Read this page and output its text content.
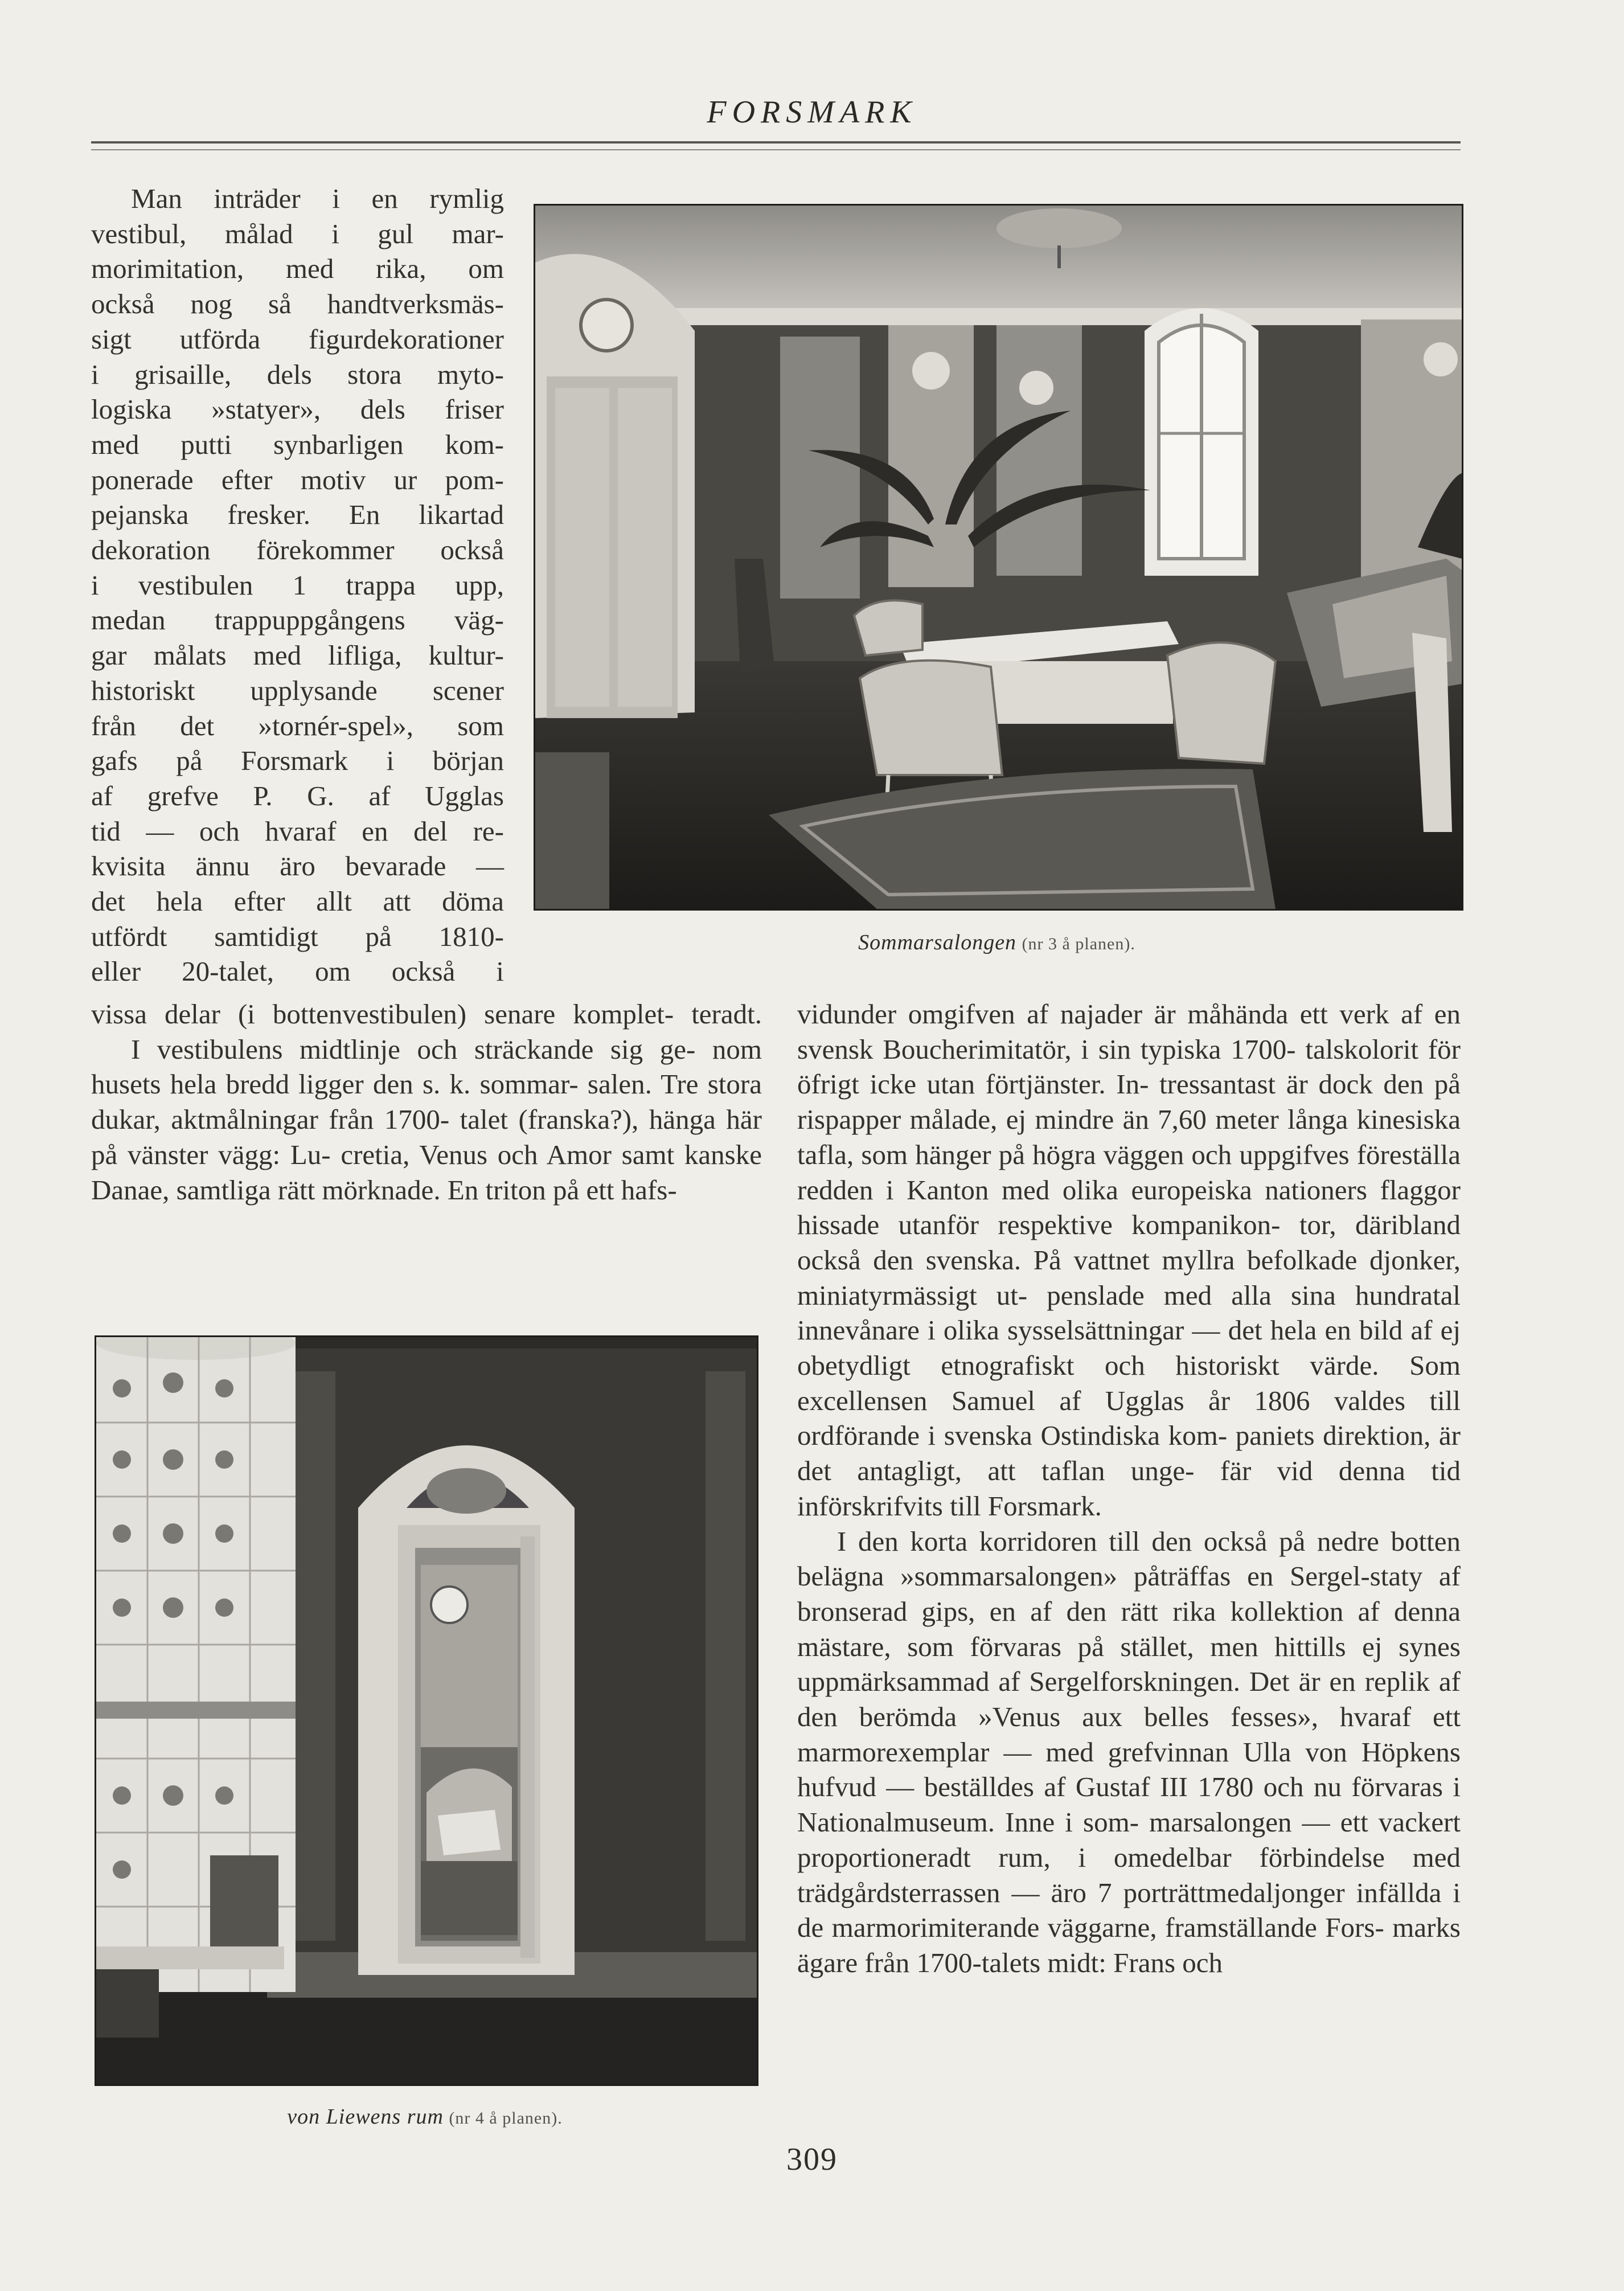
FORSMARK
Man inträder i en rymlig
vestibul, målad i gul mar-
morimitation, med rika, om
också nog så handtverksmäs-
sigt utförda figurdekorationer
i grisaille, dels stora myto-
logiska »statyer», dels friser
med putti synbarligen kom-
ponerade efter motiv ur pom-
pejanska fresker. En likartad
dekoration förekommer också
i vestibulen 1 trappa upp,
medan trappuppgångens väg-
gar målats med lifliga, kultur-
historiskt upplysande scener
från det »tornér-spel», som
gafs på Forsmark i början
af grefve P. G. af Ugglas
tid — och hvaraf en del re-
kvisita ännu äro bevarade —
det hela efter allt att döma
utfördt samtidigt på 1810-
eller 20-talet, om också i

vissa delar (i bottenvestibulen) senare komplet- teradt.

I vestibulens midtlinje och sträckande sig ge- nom husets hela bredd ligger den s. k. sommar- salen. Tre stora dukar, aktmålningar från 1700- talet (franska?), hänga här på vänster vägg: Lu- cretia, Venus och Amor samt kanske Danae, samtliga rätt mörknade. En triton på ett hafs-

vidunder omgifven af najader är måhända ett verk af en svensk Boucherimitatör, i sin typiska 1700- talskolorit för öfrigt icke utan förtjänster. In- tressantast är dock den på rispapper målade, ej mindre än 7,60 meter långa kinesiska tafla, som hänger på högra väggen och uppgifves föreställa redden i Kanton med olika europeiska nationers flaggor hissade utanför respektive kompanikon- tor, däribland också den svenska. På vattnet myllra befolkade djonker, miniatyrmässigt ut- penslade med alla sina hundratal innevånare i olika sysselsättningar — det hela en bild af ej obetydligt etnografiskt och historiskt värde. Som excellensen Samuel af Ugglas år 1806 valdes till ordförande i svenska Ostindiska kom- paniets direktion, är det antagligt, att taflan unge- fär vid denna tid införskrifvits till Forsmark.

I den korta korridoren till den också på nedre botten belägna »sommarsalongen» påträffas en Sergel-staty af bronserad gips, en af den rätt rika kollektion af denna mästare, som förvaras på stället, men hittills ej synes uppmärksammad af Sergelforskningen. Det är en replik af den berömda »Venus aux belles fesses», hvaraf ett marmorexemplar — med grefvinnan Ulla von Höpkens hufvud — beställdes af Gustaf III 1780 och nu förvaras i Nationalmuseum. Inne i som- marsalongen — ett vackert proportioneradt rum, i omedelbar förbindelse med trädgårdsterrassen — äro 7 porträttmedaljonger infällda i de marmorimiterande väggarne, framställande Fors- marks ägare från 1700-talets midt: Frans och

Sommarsalongen (nr 3 å planen).
von Liewens rum (nr 4 å planen).
309
